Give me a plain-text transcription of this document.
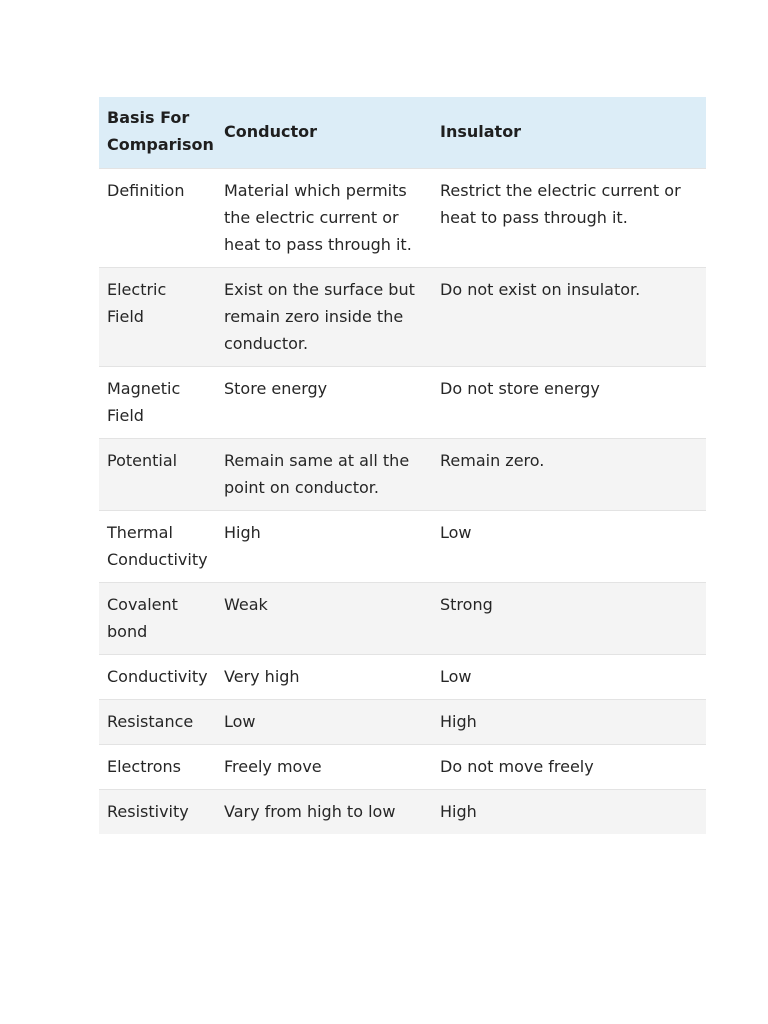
Basis For Comparison	Conductor	Insulator
Definition	Material which permits the electric current or heat to pass through it.	Restrict the electric current or heat to pass through it.
Electric Field	Exist on the surface but remain zero inside the conductor.	Do not exist on insulator.
Magnetic Field	Store energy	Do not store energy
Potential	Remain same at all the point on conductor.	Remain zero.
Thermal Conductivity	High	Low
Covalent bond	Weak	Strong
Conductivity	Very high	Low
Resistance	Low	High
Electrons	Freely move	Do not move freely
Resistivity	Vary from high to low	High
